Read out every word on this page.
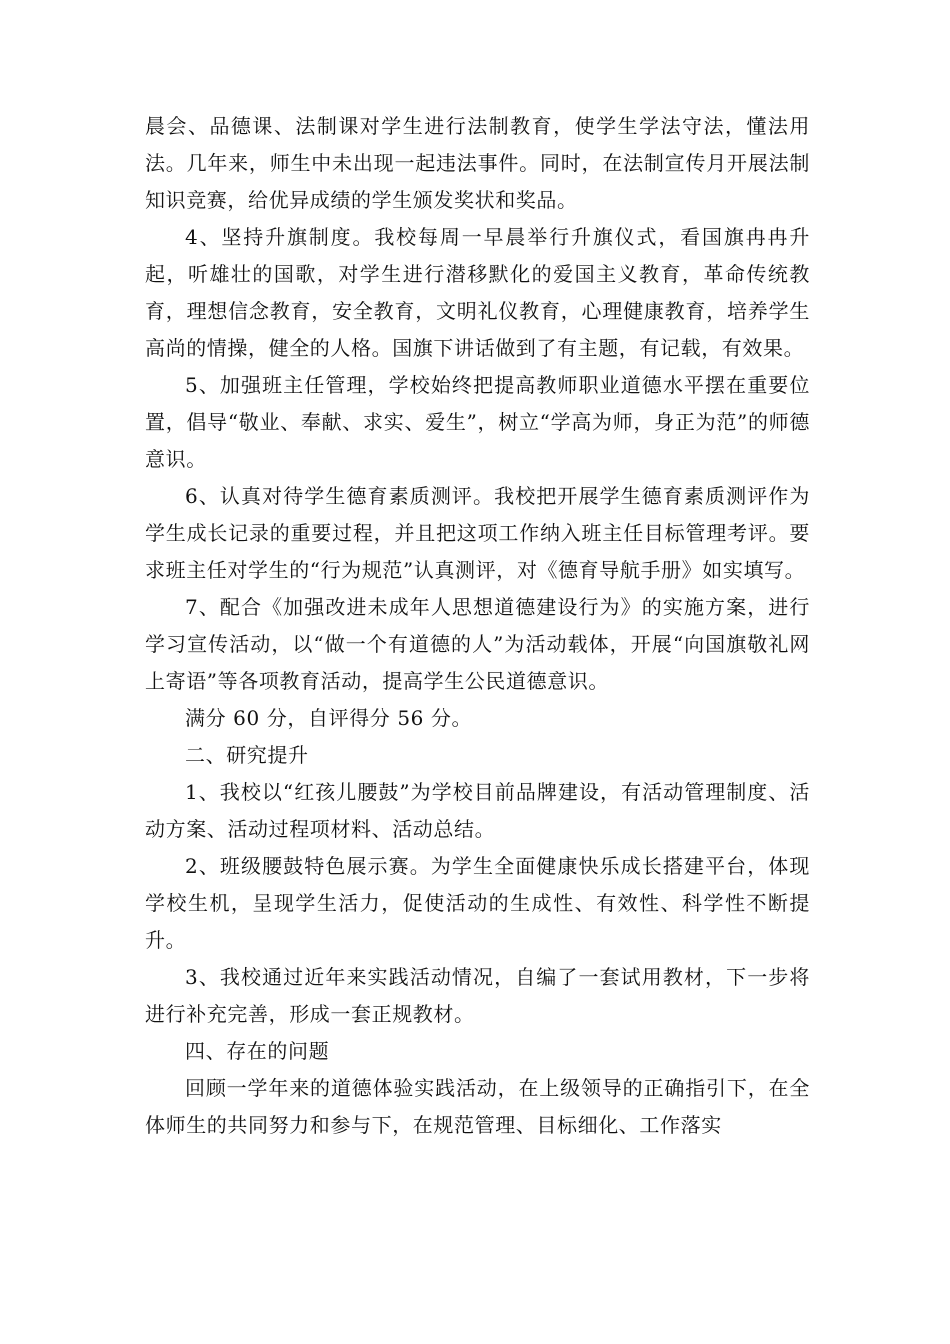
晨会、品德课、法制课对学生进行法制教育，使学生学法守法，懂法用法。几年来，师生中未出现一起违法事件。同时，在法制宣传月开展法制知识竞赛，给优异成绩的学生颁发奖状和奖品。

4、坚持升旗制度。我校每周一早晨举行升旗仪式，看国旗冉冉升起，听雄壮的国歌，对学生进行潜移默化的爱国主义教育，革命传统教育，理想信念教育，安全教育，文明礼仪教育，心理健康教育，培养学生高尚的情操，健全的人格。国旗下讲话做到了有主题，有记载，有效果。

5、加强班主任管理，学校始终把提高教师职业道德水平摆在重要位置，倡导“敬业、奉献、求实、爱生”，树立“学高为师，身正为范”的师德意识。

6、认真对待学生德育素质测评。我校把开展学生德育素质测评作为学生成长记录的重要过程，并且把这项工作纳入班主任目标管理考评。要求班主任对学生的“行为规范”认真测评，对《德育导航手册》如实填写。

7、配合《加强改进未成年人思想道德建设行为》的实施方案，进行学习宣传活动，以“做一个有道德的人”为活动载体，开展“向国旗敬礼网上寄语”等各项教育活动，提高学生公民道德意识。

满分 60 分，自评得分 56 分。

二、研究提升

1、我校以“红孩儿腰鼓”为学校目前品牌建设，有活动管理制度、活动方案、活动过程项材料、活动总结。

2、班级腰鼓特色展示赛。为学生全面健康快乐成长搭建平台，体现学校生机，呈现学生活力，促使活动的生成性、有效性、科学性不断提升。

3、我校通过近年来实践活动情况，自编了一套试用教材，下一步将进行补充完善，形成一套正规教材。

四、存在的问题

回顾一学年来的道德体验实践活动，在上级领导的正确指引下，在全体师生的共同努力和参与下，在规范管理、目标细化、工作落实
